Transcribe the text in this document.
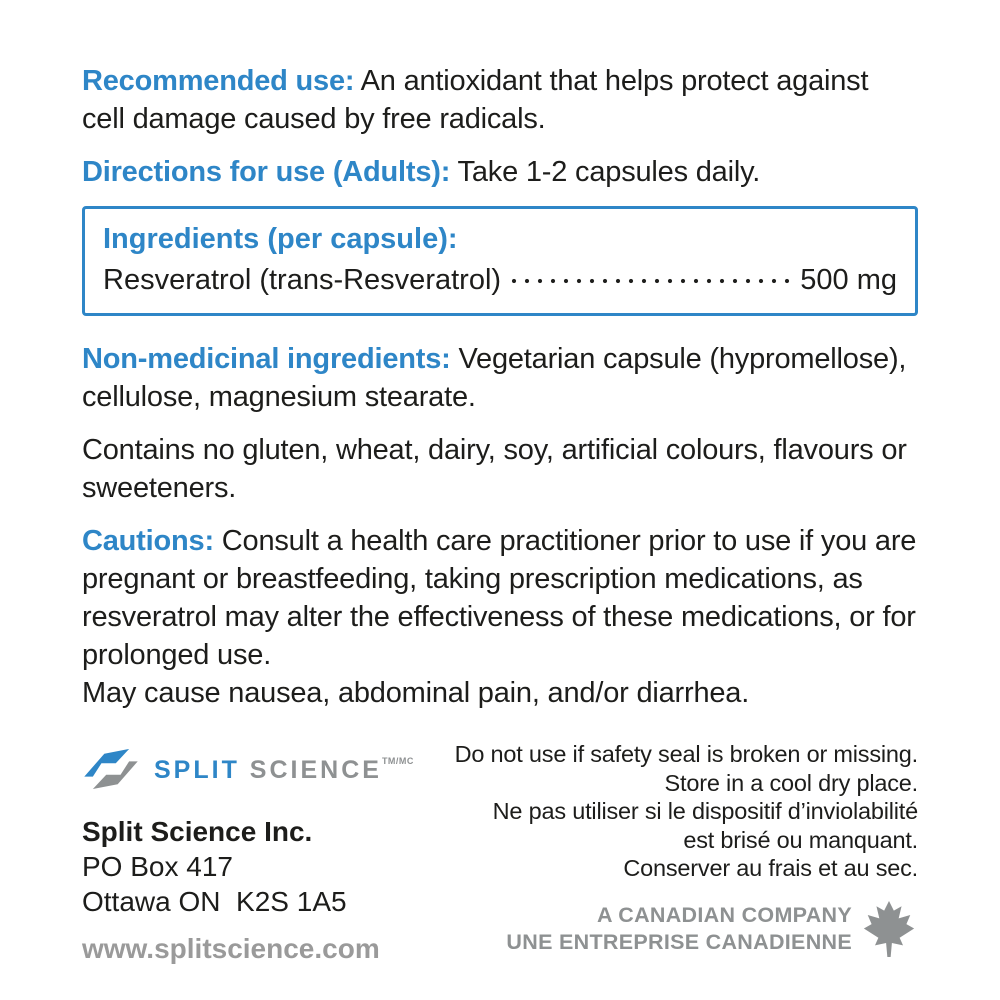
Recommended use: An antioxidant that helps protect against cell damage caused by free radicals.

Directions for use (Adults): Take 1-2 capsules daily.

Ingredients (per capsule):
Resveratrol (trans-Resveratrol)	500 mg

Non-medicinal ingredients: Vegetarian capsule (hypromellose), cellulose, magnesium stearate.

Contains no gluten, wheat, dairy, soy, artificial colours, flavours or sweeteners.

Cautions: Consult a health care practitioner prior to use if you are pregnant or breastfeeding, taking prescription medications, as resveratrol may alter the effectiveness of these medications, or for prolonged use.
May cause nausea, abdominal pain, and/or diarrhea.

SPLIT $SCIENCE^{TM/MC}$
Split Science Inc.
PO Box 417
Ottawa ON  K2S 1A5
www.splitscience.com
Do not use if safety seal is broken or missing.
Store in a cool dry place.
Ne pas utiliser si le dispositif d’inviolabilité
est brisé ou manquant.
Conserver au frais et au sec.
A CANADIAN COMPANY
UNE ENTREPRISE CANADIENNE
